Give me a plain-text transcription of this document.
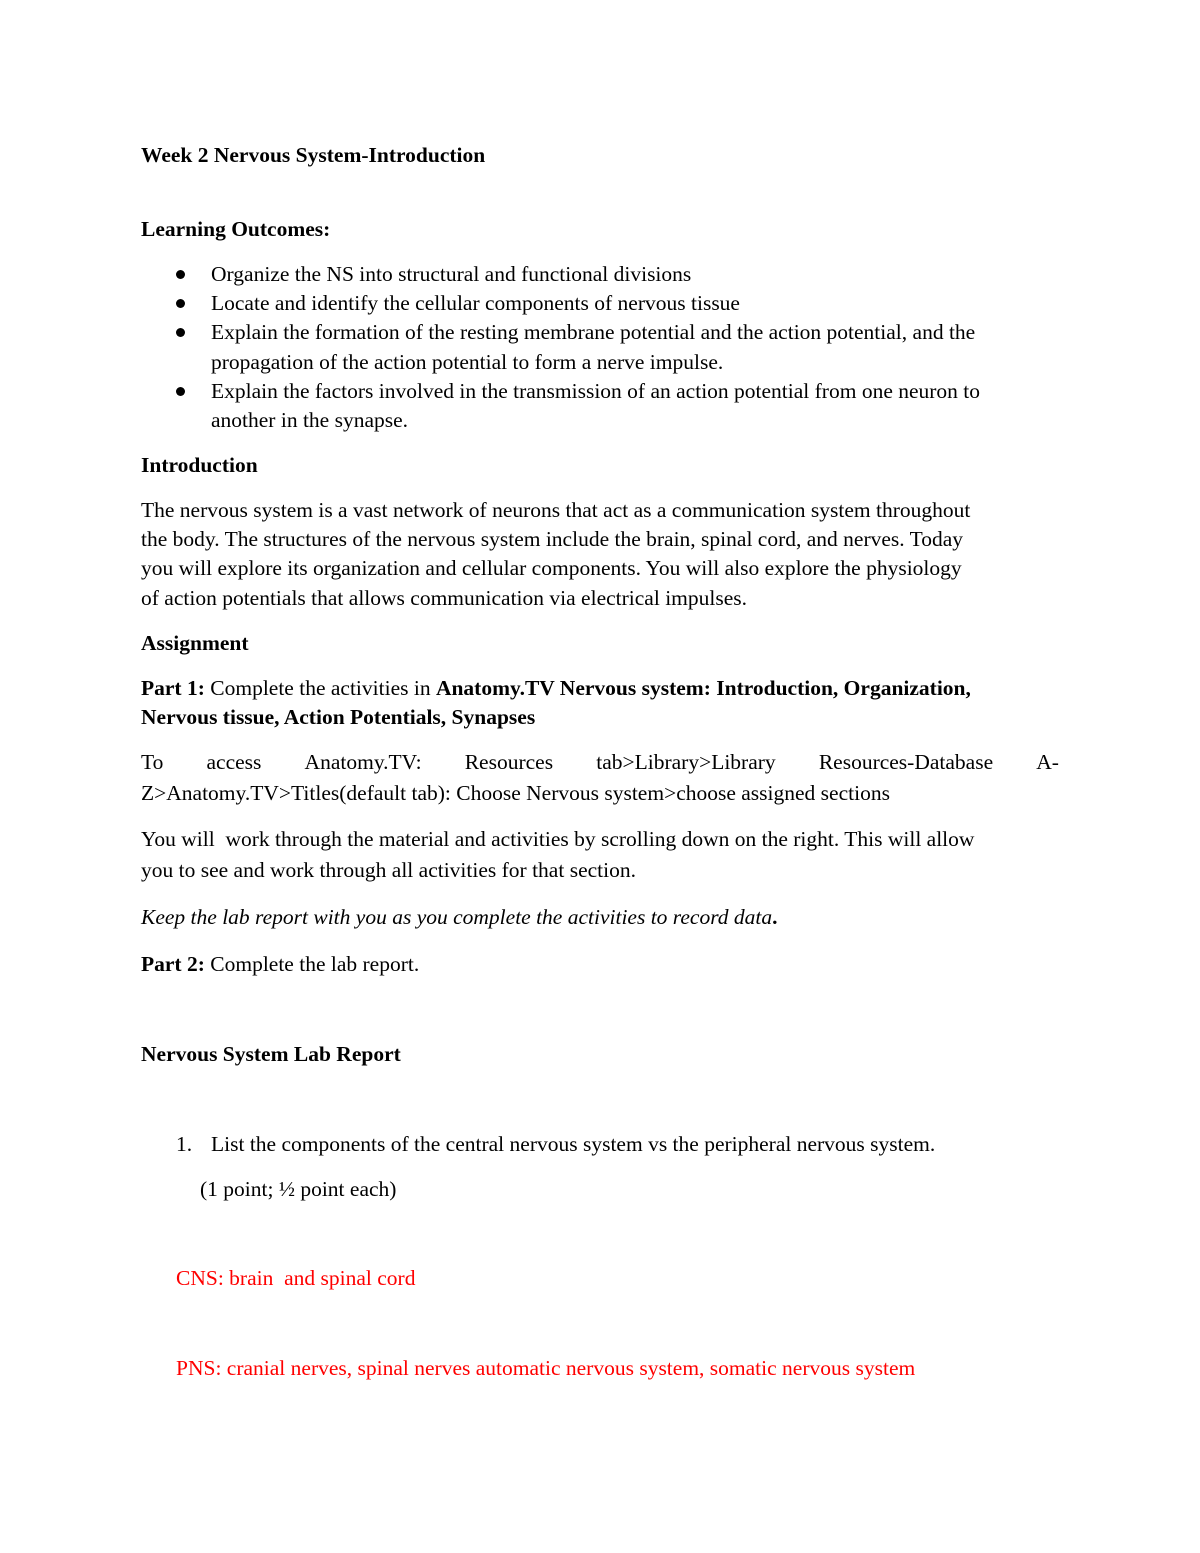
Week 2 Nervous System-Introduction
Learning Outcomes:
Organize the NS into structural and functional divisions
Locate and identify the cellular components of nervous tissue
Explain the formation of the resting membrane potential and the action potential, and the
propagation of the action potential to form a nerve impulse.
Explain the factors involved in the transmission of an action potential from one neuron to
another in the synapse.
Introduction
The nervous system is a vast network of neurons that act as a communication system throughout
the body. The structures of the nervous system include the brain, spinal cord, and nerves. Today
you will explore its organization and cellular components. You will also explore the physiology
of action potentials that allows communication via electrical impulses.
Assignment
Part 1: Complete the activities in Anatomy.TV Nervous system: Introduction, Organization,
Nervous tissue, Action Potentials, Synapses
To access Anatomy.TV: Resources tab>Library>Library Resources-Database A-
Z>Anatomy.TV>Titles(default tab): Choose Nervous system>choose assigned sections
You will  work through the material and activities by scrolling down on the right. This will allow
you to see and work through all activities for that section.
Keep the lab report with you as you complete the activities to record data.
Part 2: Complete the lab report.
Nervous System Lab Report
1. List the components of the central nervous system vs the peripheral nervous system.
(1 point; ½ point each)
CNS: brain  and spinal cord
PNS: cranial nerves, spinal nerves automatic nervous system, somatic nervous system
